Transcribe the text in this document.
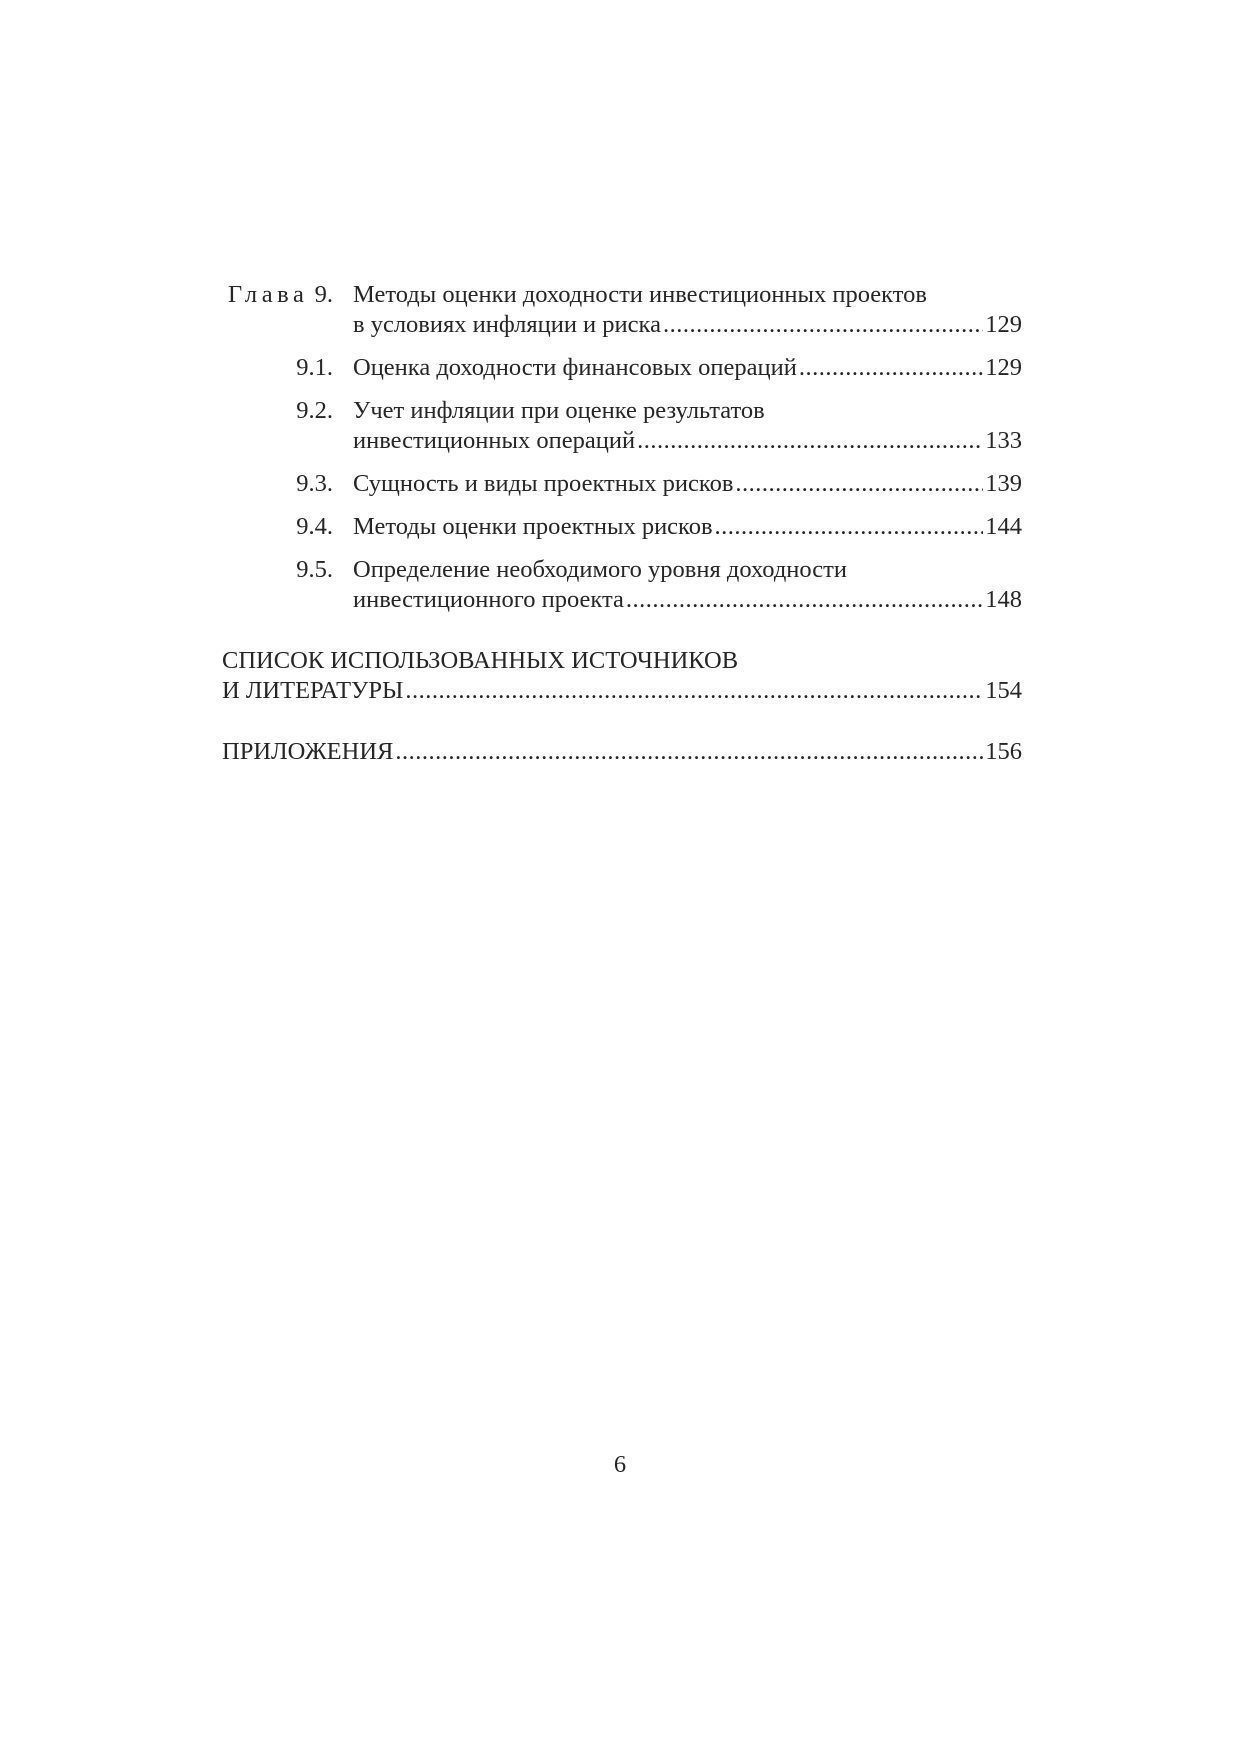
Глава 9. Методы оценки доходности инвестиционных проектов
в условиях инфляции и риска .....	129
9.1. Оценка доходности финансовых операций .....	129
9.2. Учет инфляции при оценке результатов
инвестиционных операций .....	133
9.3. Сущность и виды проектных рисков .....	139
9.4. Методы оценки проектных рисков .....	144
9.5. Определение необходимого уровня доходности
инвестиционного проекта .....	148
СПИСОК ИСПОЛЬЗОВАННЫХ ИСТОЧНИКОВ
И ЛИТЕРАТУРЫ .....	154
ПРИЛОЖЕНИЯ .....	156
6
